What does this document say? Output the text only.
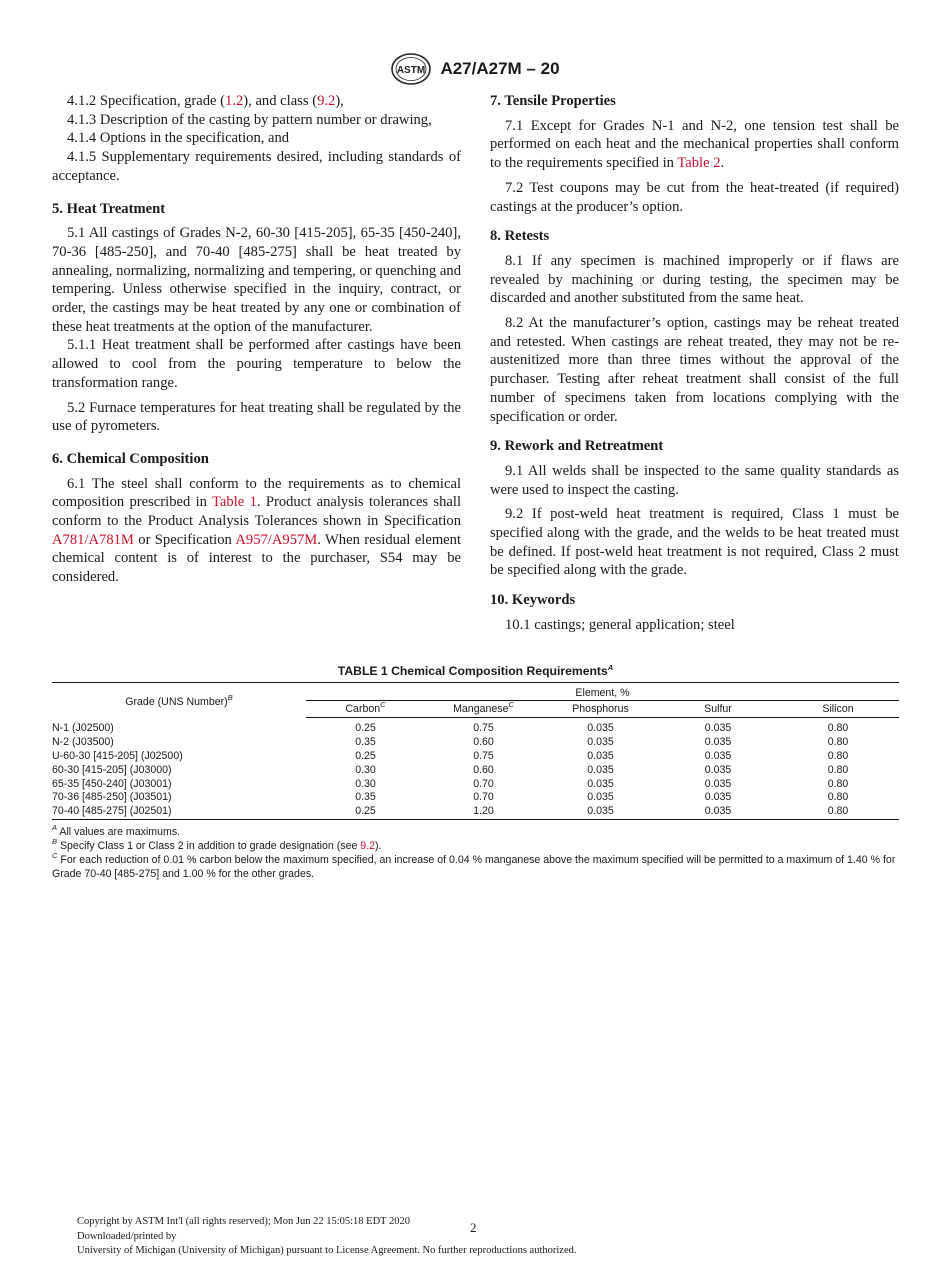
ASTM A27/A27M – 20

4.1.2 Specification, grade (1.2), and class (9.2),

4.1.3 Description of the casting by pattern number or drawing,

4.1.4 Options in the specification, and

4.1.5 Supplementary requirements desired, including standards of acceptance.

5. Heat Treatment

5.1 All castings of Grades N-2, 60-30 [415-205], 65-35 [450-240], 70-36 [485-250], and 70-40 [485-275] shall be heat treated by annealing, normalizing, normalizing and tempering, or quenching and tempering. Unless otherwise specified in the inquiry, contract, or order, the castings may be heat treated by any one or combination of these heat treatments at the option of the manufacturer.

5.1.1 Heat treatment shall be performed after castings have been allowed to cool from the pouring temperature to below the transformation range.

5.2 Furnace temperatures for heat treating shall be regulated by the use of pyrometers.

6. Chemical Composition

6.1 The steel shall conform to the requirements as to chemical composition prescribed in Table 1. Product analysis tolerances shall conform to the Product Analysis Tolerances shown in Specification A781/A781M or Specification A957/A957M. When residual element chemical content is of interest to the purchaser, S54 may be considered.

7. Tensile Properties

7.1 Except for Grades N-1 and N-2, one tension test shall be performed on each heat and the mechanical properties shall conform to the requirements specified in Table 2.

7.2 Test coupons may be cut from the heat-treated (if required) castings at the producer’s option.

8. Retests

8.1 If any specimen is machined improperly or if flaws are revealed by machining or during testing, the specimen may be discarded and another substituted from the same heat.

8.2 At the manufacturer’s option, castings may be reheat treated and retested. When castings are reheat treated, they may not be re-austenitized more than three times without the approval of the purchaser. Testing after reheat treatment shall consist of the full number of specimens taken from locations complying with the specification or order.

9. Rework and Retreatment

9.1 All welds shall be inspected to the same quality standards as were used to inspect the casting.

9.2 If post-weld heat treatment is required, Class 1 must be specified along with the grade, and the welds to be heat treated must be defined. If post-weld heat treatment is not required, Class 2 must be specified along with the grade.

10. Keywords

10.1 castings; general application; steel

TABLE 1 Chemical Composition Requirements$^A$
Grade (UNS Number)$^B$	Element, %				
	Carbon$^C$	Manganese$^C$	Phosphorus	Sulfur	Silicon
N-1 (J02500)	0.25	0.75	0.035	0.035	0.80
N-2 (J03500)	0.35	0.60	0.035	0.035	0.80
U-60-30 [415-205] (J02500)	0.25	0.75	0.035	0.035	0.80
60-30 [415-205] (J03000)	0.30	0.60	0.035	0.035	0.80
65-35 [450-240] (J03001)	0.30	0.70	0.035	0.035	0.80
70-36 [485-250] (J03501)	0.35	0.70	0.035	0.035	0.80
70-40 [485-275] (J02501)	0.25	1.20	0.035	0.035	0.80
$^A$ All values are maximums.
$^B$ Specify Class 1 or Class 2 in addition to grade designation (see 9.2).
$^C$ For each reduction of 0.01 % carbon below the maximum specified, an increase of 0.04 % manganese above the maximum specified will be permitted to a maximum of 1.40 % for Grade 70-40 [485-275] and 1.00 % for the other grades.
2
Copyright by ASTM Int'l (all rights reserved); Mon Jun 22 15:05:18 EDT 2020
Downloaded/printed by
University of Michigan (University of Michigan) pursuant to License Agreement. No further reproductions authorized.
